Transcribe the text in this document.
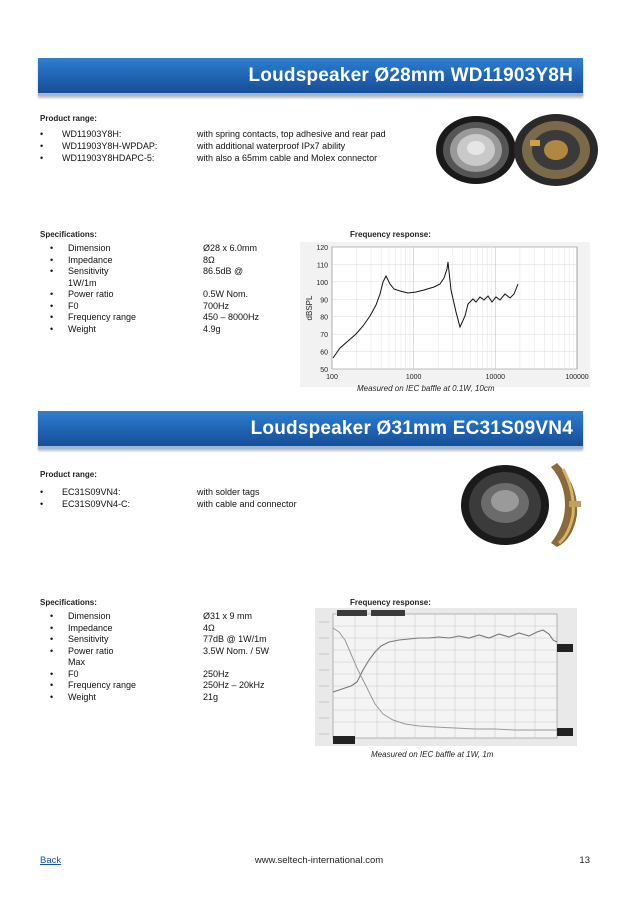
Loudspeaker Ø28mm WD11903Y8H
Product range:
•	WD11903Y8H:	with spring contacts, top adhesive and rear pad
•	WD11903Y8H-WPDAP:	with additional waterproof IPx7 ability
•	WD11903Y8HDAPC-5:	with also a 65mm cable and Molex connector
Specifications:	Frequency response:
•	Dimension	Ø28 x 6.0mm
•	Impedance	8Ω
•	Sensitivity	86.5dB @
1W/1m
•	Power ratio	0.5W Nom.
•	F0	700Hz
•	Frequency range	450 – 8000Hz
•	Weight	4.9g
120
110
100
90
80
70
60
50
100	1000	10000	100000
dBSPL
Measured on IEC baffle at 0.1W, 10cm
Loudspeaker Ø31mm EC31S09VN4
Product range:
•	EC31S09VN4:	with solder tags
•	EC31S09VN4-C:	with cable and connector
Specifications:	Frequency response:
•	Dimension	Ø31 x 9 mm
•	Impedance	4Ω
•	Sensitivity	77dB @ 1W/1m
•	Power ratio	3.5W Nom. / 5W
Max
•	F0	250Hz
•	Frequency range	250Hz – 20kHz
•	Weight	21g
Measured on IEC baffle at 1W, 1m
Back	www.seltech-international.com	13
